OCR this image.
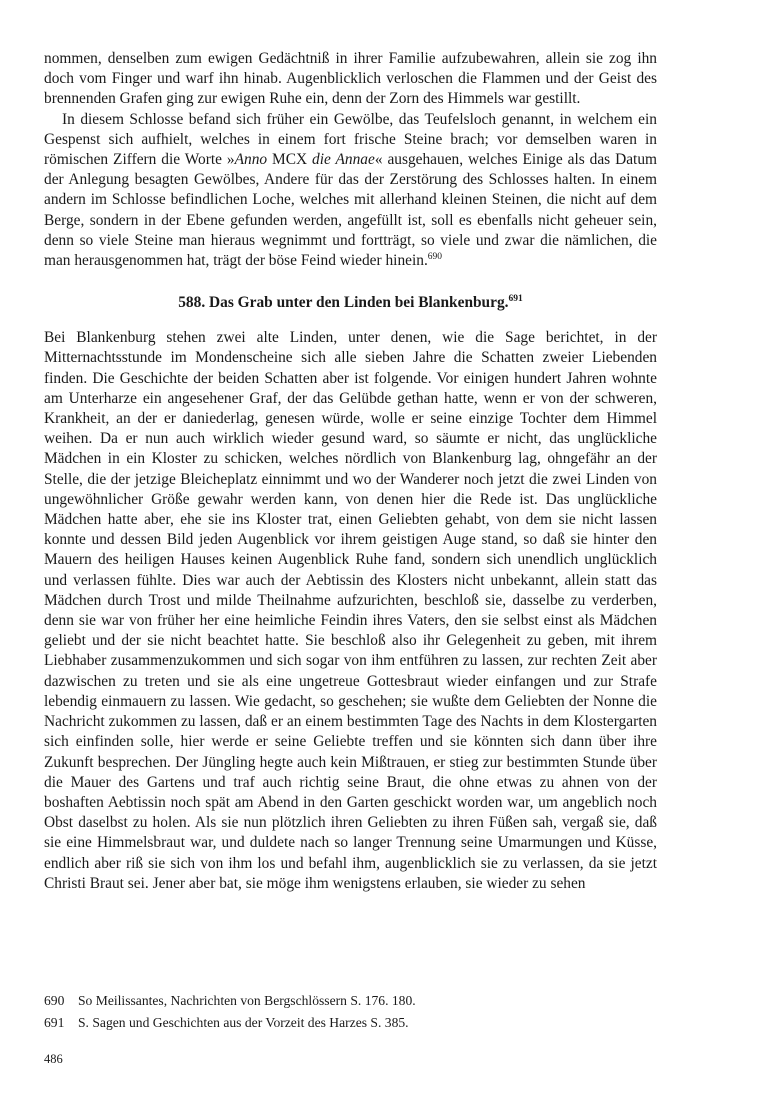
nommen, denselben zum ewigen Gedächtniß in ihrer Familie aufzubewahren, allein sie zog ihn doch vom Finger und warf ihn hinab. Augenblicklich verloschen die Flammen und der Geist des brennenden Grafen ging zur ewigen Ruhe ein, denn der Zorn des Himmels war gestillt.

In diesem Schlosse befand sich früher ein Gewölbe, das Teufelsloch genannt, in welchem ein Gespenst sich aufhielt, welches in einem fort frische Steine brach; vor demselben waren in römischen Ziffern die Worte »Anno MCX die Annae« ausgehauen, welches Einige als das Datum der Anlegung besagten Gewölbes, Andere für das der Zerstörung des Schlosses halten. In einem andern im Schlosse befindlichen Loche, welches mit allerhand kleinen Steinen, die nicht auf dem Berge, sondern in der Ebene gefunden werden, angefüllt ist, soll es ebenfalls nicht geheuer sein, denn so viele Steine man hieraus wegnimmt und fortträgt, so viele und zwar die nämlichen, die man herausgenommen hat, trägt der böse Feind wieder hinein.$^{690}$

588. Das Grab unter den Linden bei Blankenburg.$^{691}$

Bei Blankenburg stehen zwei alte Linden, unter denen, wie die Sage berichtet, in der Mitternachtsstunde im Mondenscheine sich alle sieben Jahre die Schatten zweier Liebenden finden. Die Geschichte der beiden Schatten aber ist folgende. Vor einigen hundert Jahren wohnte am Unterharze ein angesehener Graf, der das Gelübde gethan hatte, wenn er von der schweren, Krankheit, an der er daniederlag, genesen würde, wolle er seine einzige Tochter dem Himmel weihen. Da er nun auch wirklich wieder gesund ward, so säumte er nicht, das unglückliche Mädchen in ein Kloster zu schicken, welches nördlich von Blankenburg lag, ohngefähr an der Stelle, die der jetzige Bleicheplatz einnimmt und wo der Wanderer noch jetzt die zwei Linden von ungewöhnlicher Größe gewahr werden kann, von denen hier die Rede ist. Das unglückliche Mädchen hatte aber, ehe sie ins Kloster trat, einen Geliebten gehabt, von dem sie nicht lassen konnte und dessen Bild jeden Augenblick vor ihrem geistigen Auge stand, so daß sie hinter den Mauern des heiligen Hauses keinen Augenblick Ruhe fand, sondern sich unendlich unglücklich und verlassen fühlte. Dies war auch der Aebtissin des Klosters nicht unbekannt, allein statt das Mädchen durch Trost und milde Theilnahme aufzurichten, beschloß sie, dasselbe zu verderben, denn sie war von früher her eine heimliche Feindin ihres Vaters, den sie selbst einst als Mädchen geliebt und der sie nicht beachtet hatte. Sie beschloß also ihr Gelegenheit zu geben, mit ihrem Liebhaber zusammenzukommen und sich sogar von ihm entführen zu lassen, zur rechten Zeit aber dazwischen zu treten und sie als eine ungetreue Gottesbraut wieder einfangen und zur Strafe lebendig einmauern zu lassen. Wie gedacht, so geschehen; sie wußte dem Geliebten der Nonne die Nachricht zukommen zu lassen, daß er an einem bestimmten Tage des Nachts in dem Klostergarten sich einfinden solle, hier werde er seine Geliebte treffen und sie könnten sich dann über ihre Zukunft besprechen. Der Jüngling hegte auch kein Mißtrauen, er stieg zur bestimmten Stunde über die Mauer des Gartens und traf auch richtig seine Braut, die ohne etwas zu ahnen von der boshaften Aebtissin noch spät am Abend in den Garten geschickt worden war, um angeblich noch Obst daselbst zu holen. Als sie nun plötzlich ihren Geliebten zu ihren Füßen sah, vergaß sie, daß sie eine Himmelsbraut war, und duldete nach so langer Trennung seine Umarmungen und Küsse, endlich aber riß sie sich von ihm los und befahl ihm, augenblicklich sie zu verlassen, da sie jetzt Christi Braut sei. Jener aber bat, sie möge ihm wenigstens erlauben, sie wieder zu sehen

690	So Meilissantes, Nachrichten von Bergschlössern S. 176. 180.
691	S. Sagen und Geschichten aus der Vorzeit des Harzes S. 385.
486
